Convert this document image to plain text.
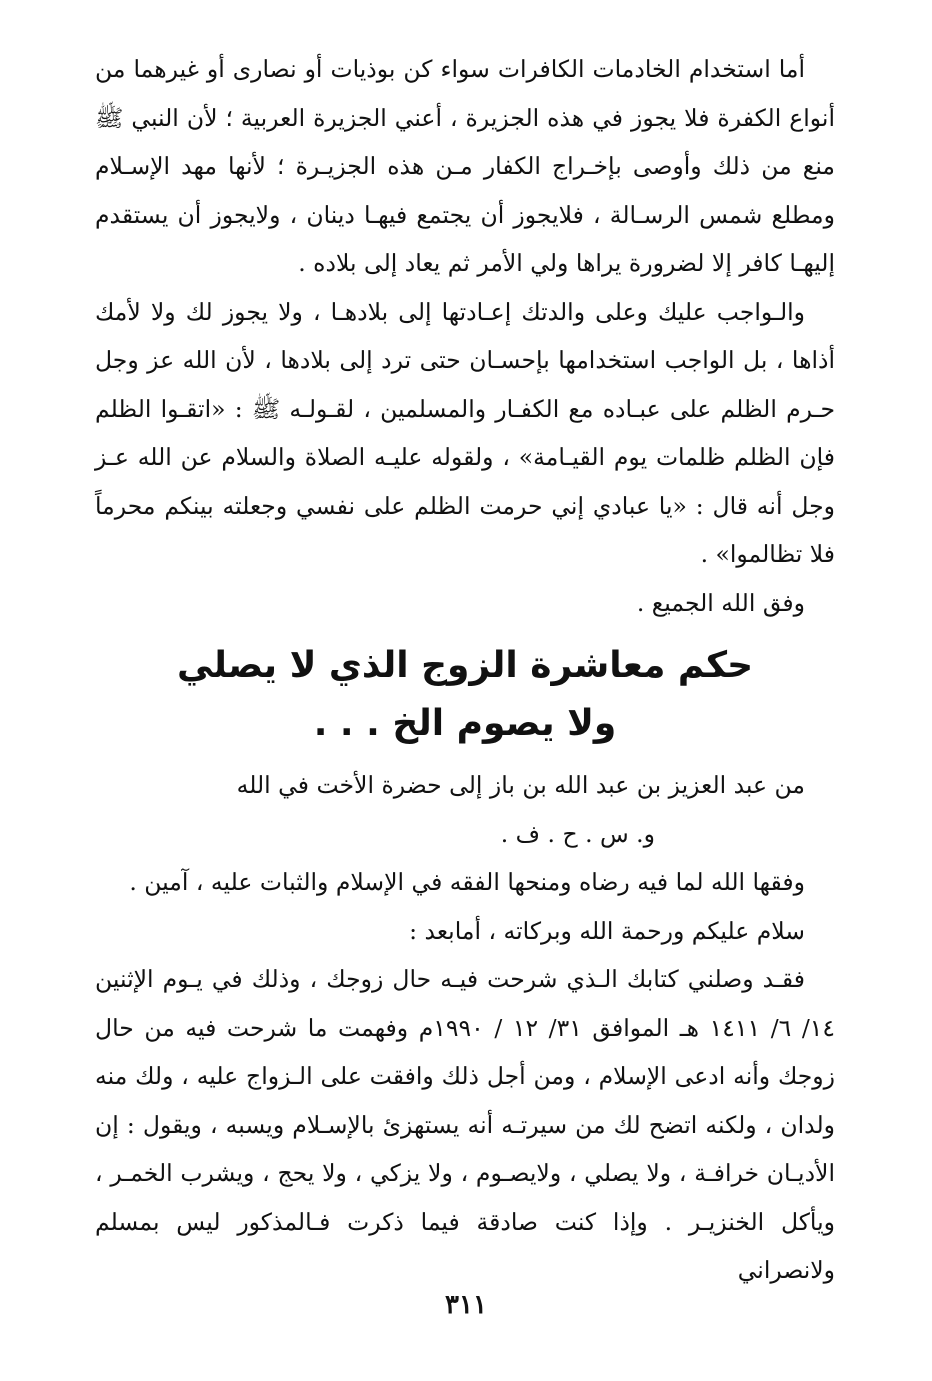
أما استخدام الخادمات الكافرات سواء كن بوذيات أو نصارى أو غيرهما من أنواع الكفرة فلا يجوز في هذه الجزيرة ، أعني الجزيرة العربية ؛ لأن النبي ﷺ منع من ذلك وأوصى بإخـراج الكفار مـن هذه الجزيـرة ؛ لأنها مهد الإسـلام ومطلع شمس الرسـالة ، فلايجوز أن يجتمع فيهـا دينان ، ولايجوز أن يستقدم إليهـا كافر إلا لضرورة يراها ولي الأمر ثم يعاد إلى بلاده .

والـواجب عليك وعلى والدتك إعـادتها إلى بلادهـا ، ولا يجوز لك ولا لأمك أذاها ، بل الواجب استخدامها بإحسـان حتى ترد إلى بلادها ، لأن الله عز وجل حـرم الظلم على عبـاده مع الكفـار والمسلمين ، لقـولـه ﷺ : «اتقـوا الظلم فإن الظلم ظلمات يوم القيـامة» ، ولقوله عليـه الصلاة والسلام عن الله عـز وجل أنه قال : «يا عبادي إني حرمت الظلم على نفسي وجعلته بينكم محرماً فلا تظالموا» .

وفق الله الجميع .

حكم معاشرة الزوج الذي لا يصلي
ولا يصوم الخ . . .
من عبد العزيز بن عبد الله بن باز إلى حضرة الأخت في الله
و. س . ح . ف .
وفقها الله لما فيه رضاه ومنحها الفقه في الإسلام والثبات عليه ، آمين .
سلام عليكم ورحمة الله وبركاته ، أمابعد :

فقـد وصلني كتابك الـذي شرحت فيـه حال زوجك ، وذلك في يـوم الإثنين ١٤/ ٦/ ١٤١١ هـ الموافق ٣١/ ١٢ / ١٩٩٠م وفهمت ما شرحت فيه من حال زوجك وأنه ادعى الإسلام ، ومن أجل ذلك وافقت على الـزواج عليه ، ولك منه ولدان ، ولكنه اتضح لك من سيرتـه أنه يستهزئ بالإسـلام ويسبه ، ويقول : إن الأديـان خرافـة ، ولا يصلي ، ولايصـوم ، ولا يزكي ، ولا يحج ، ويشرب الخمـر ، ويأكل الخنزيـر . وإذا كنت صادقة فيما ذكرت فـالمذكور ليس بمسلم ولانصراني

٣١١
